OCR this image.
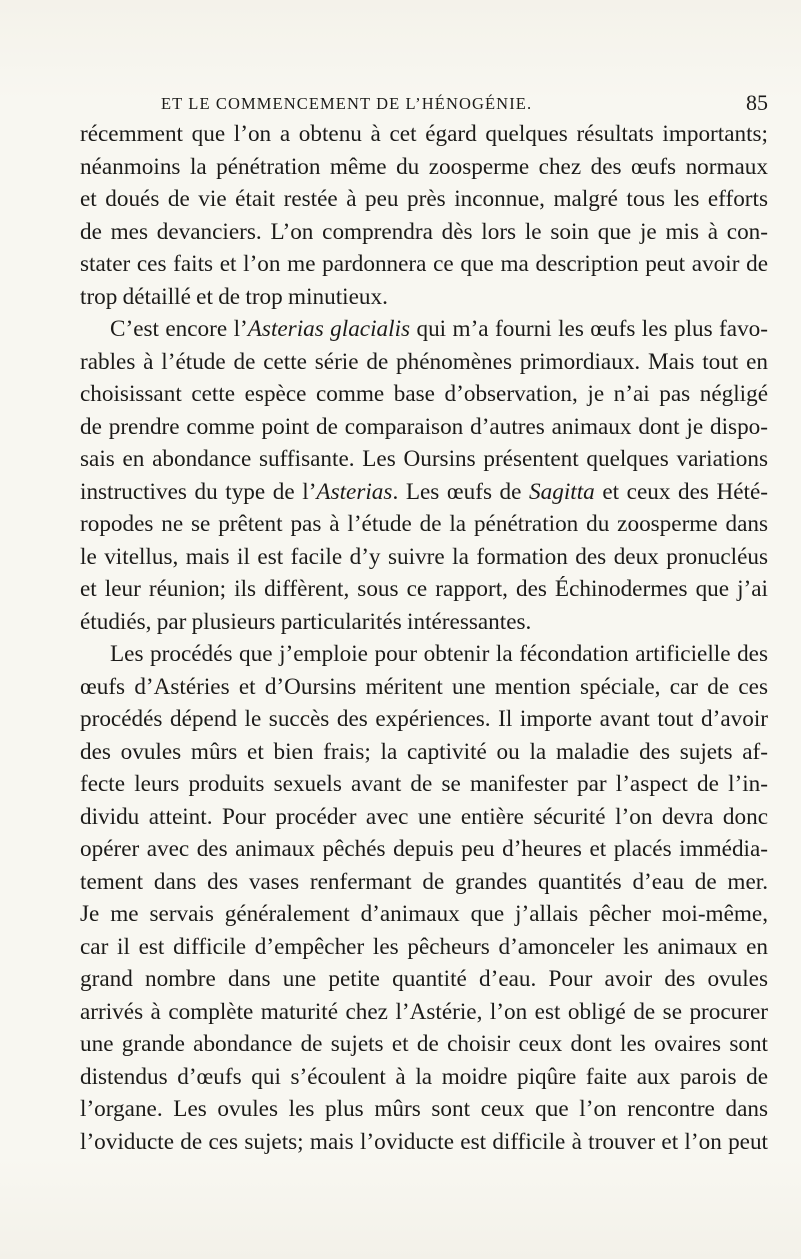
ET LE COMMENCEMENT DE L’HÉNOGÉNIE.	85

récemment que l’on a obtenu à cet égard quelques résultats importants;
néanmoins la pénétration même du zoosperme chez des œufs normaux
et doués de vie était restée à peu près inconnue, malgré tous les efforts
de mes devanciers. L’on comprendra dès lors le soin que je mis à con-
stater ces faits et l’on me pardonnera ce que ma description peut avoir de
trop détaillé et de trop minutieux.

C’est encore l’Asterias glacialis qui m’a fourni les œufs les plus favo-
rables à l’étude de cette série de phénomènes primordiaux. Mais tout en
choisissant cette espèce comme base d’observation, je n’ai pas négligé
de prendre comme point de comparaison d’autres animaux dont je dispo-
sais en abondance suffisante. Les Oursins présentent quelques variations
instructives du type de l’Asterias. Les œufs de Sagitta et ceux des Hété-
ropodes ne se prêtent pas à l’étude de la pénétration du zoosperme dans
le vitellus, mais il est facile d’y suivre la formation des deux pronucléus
et leur réunion; ils diffèrent, sous ce rapport, des Échinodermes que j’ai
étudiés, par plusieurs particularités intéressantes.

Les procédés que j’emploie pour obtenir la fécondation artificielle des
œufs d’Astéries et d’Oursins méritent une mention spéciale, car de ces
procédés dépend le succès des expériences. Il importe avant tout d’avoir
des ovules mûrs et bien frais; la captivité ou la maladie des sujets af-
fecte leurs produits sexuels avant de se manifester par l’aspect de l’in-
dividu atteint. Pour procéder avec une entière sécurité l’on devra donc
opérer avec des animaux pêchés depuis peu d’heures et placés immédia-
tement dans des vases renfermant de grandes quantités d’eau de mer.
Je me servais généralement d’animaux que j’allais pêcher moi-même,
car il est difficile d’empêcher les pêcheurs d’amonceler les animaux en
grand nombre dans une petite quantité d’eau. Pour avoir des ovules
arrivés à complète maturité chez l’Astérie, l’on est obligé de se procurer
une grande abondance de sujets et de choisir ceux dont les ovaires sont
distendus d’œufs qui s’écoulent à la moidre piqûre faite aux parois de
l’organe. Les ovules les plus mûrs sont ceux que l’on rencontre dans
l’oviducte de ces sujets; mais l’oviducte est difficile à trouver et l’on peut
